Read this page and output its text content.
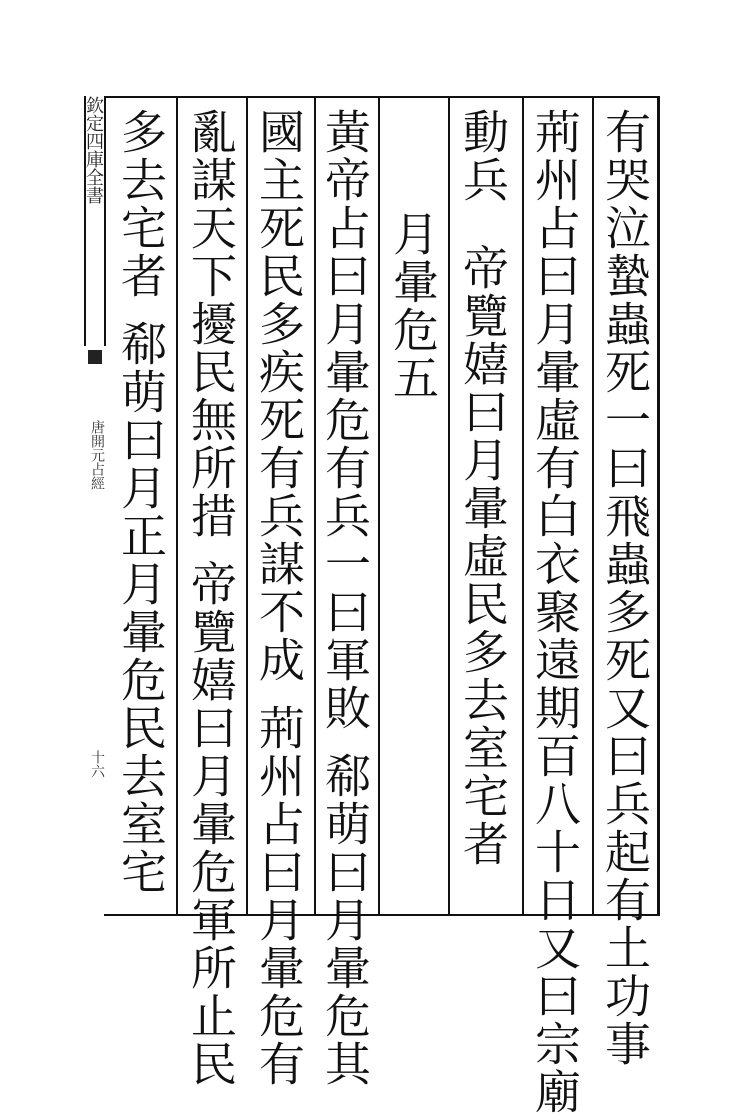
欽定四庫全書
唐開元占經
十六	有哭泣蟄蟲死一曰飛蟲多死又曰兵起有土功事
荊州占曰月暈虛有白衣聚遠期百八十日又曰宗廟
動兵帝覽嬉曰月暈虛民多去室宅者
月暈危五
黃帝占曰月暈危有兵一曰軍敗郗萌曰月暈危其
國主死民多疾死有兵謀不成荊州占曰月暈危有
亂謀天下擾民無所措帝覽嬉曰月暈危軍所止民
多去宅者郗萌曰月正月暈危民去室宅
